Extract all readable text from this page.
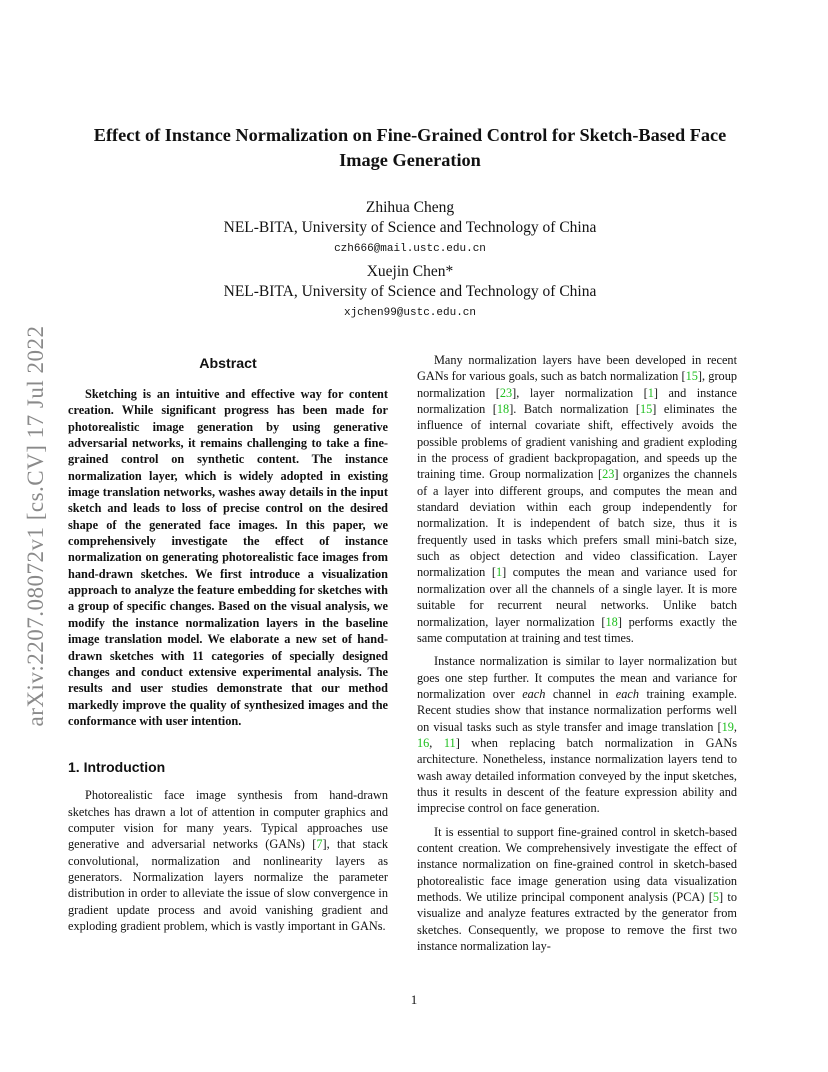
arXiv:2207.08072v1 [cs.CV] 17 Jul 2022
Effect of Instance Normalization on Fine-Grained Control for Sketch-Based Face
Image Generation
Zhihua Cheng
NEL-BITA, University of Science and Technology of China
czh666@mail.ustc.edu.cn
Xuejin Chen*
NEL-BITA, University of Science and Technology of China
xjchen99@ustc.edu.cn
Abstract

Sketching is an intuitive and effective way for content creation. While significant progress has been made for photorealistic image generation by using generative adversarial networks, it remains challenging to take a fine-grained control on synthetic content. The instance normalization layer, which is widely adopted in existing image translation networks, washes away details in the input sketch and leads to loss of precise control on the desired shape of the generated face images. In this paper, we comprehensively investigate the effect of instance normalization on generating photorealistic face images from hand-drawn sketches. We first introduce a visualization approach to analyze the feature embedding for sketches with a group of specific changes. Based on the visual analysis, we modify the instance normalization layers in the baseline image translation model. We elaborate a new set of hand-drawn sketches with 11 categories of specially designed changes and conduct extensive experimental analysis. The results and user studies demonstrate that our method markedly improve the quality of synthesized images and the conformance with user intention.

1. Introduction

Photorealistic face image synthesis from hand-drawn sketches has drawn a lot of attention in computer graphics and computer vision for many years. Typical approaches use generative and adversarial networks (GANs) [7], that stack convolutional, normalization and nonlinearity layers as generators. Normalization layers normalize the parameter distribution in order to alleviate the issue of slow convergence in gradient update process and avoid vanishing gradient and exploding gradient problem, which is vastly important in GANs.

Many normalization layers have been developed in recent GANs for various goals, such as batch normalization [15], group normalization [23], layer normalization [1] and instance normalization [18]. Batch normalization [15] eliminates the influence of internal covariate shift, effectively avoids the possible problems of gradient vanishing and gradient exploding in the process of gradient backpropagation, and speeds up the training time. Group normalization [23] organizes the channels of a layer into different groups, and computes the mean and standard deviation within each group independently for normalization. It is independent of batch size, thus it is frequently used in tasks which prefers small mini-batch size, such as object detection and video classification. Layer normalization [1] computes the mean and variance used for normalization over all the channels of a single layer. It is more suitable for recurrent neural networks. Unlike batch normalization, layer normalization [18] performs exactly the same computation at training and test times.

Instance normalization is similar to layer normalization but goes one step further. It computes the mean and variance for normalization over each channel in each training example. Recent studies show that instance normalization performs well on visual tasks such as style transfer and image translation [19, 16, 11] when replacing batch normalization in GANs architecture. Nonetheless, instance normalization layers tend to wash away detailed information conveyed by the input sketches, thus it results in descent of the feature expression ability and imprecise control on face generation.

It is essential to support fine-grained control in sketch-based content creation. We comprehensively investigate the effect of instance normalization on fine-grained control in sketch-based photorealistic face image generation using data visualization methods. We utilize principal component analysis (PCA) [5] to visualize and analyze features extracted by the generator from sketches. Consequently, we propose to remove the first two instance normalization lay-

1
